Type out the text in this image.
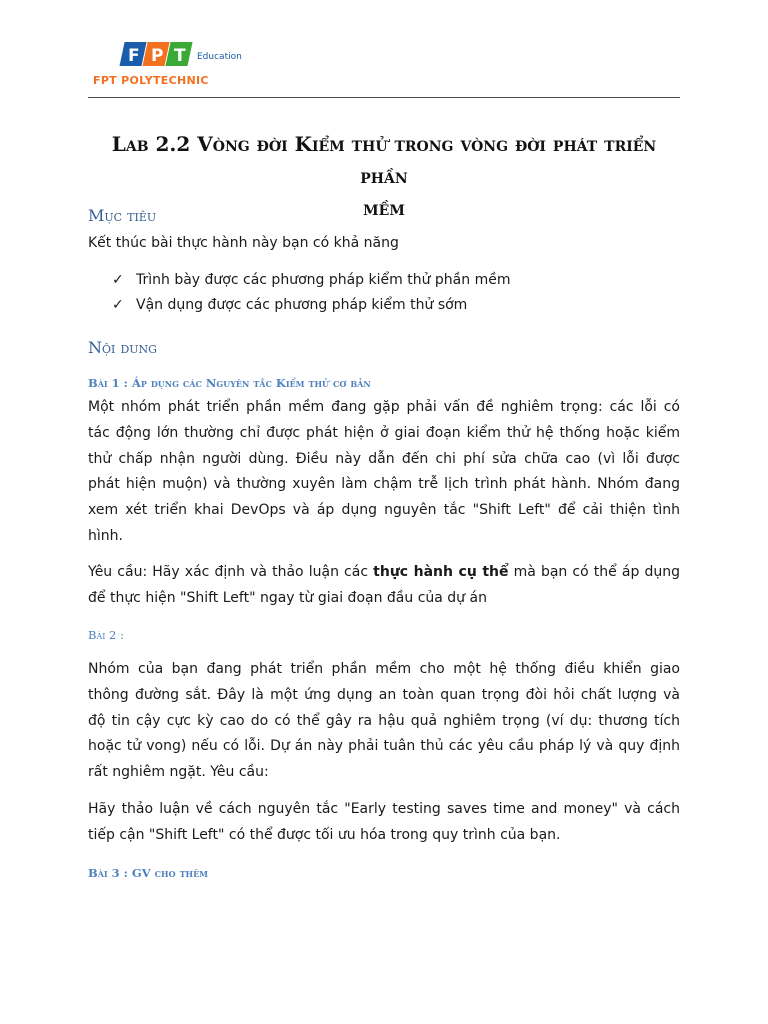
F P T Education
FPT POLYTECHNIC
Lab 2.2 Vòng đời Kiểm thử trong vòng đời phát triển phần
mềm
Mục tiêu
Kết thúc bài thực hành này bạn có khả năng
✓ Trình bày được các phương pháp kiểm thử phần mềm
✓ Vận dụng được các phương pháp kiểm thử sớm
Nội dung
Bài 1 : Áp dụng các Nguyên tắc Kiểm thử cơ bản
Một nhóm phát triển phần mềm đang gặp phải vấn đề nghiêm trọng: các lỗi có
tác động lớn thường chỉ được phát hiện ở giai đoạn kiểm thử hệ thống hoặc kiểm
thử chấp nhận người dùng. Điều này dẫn đến chi phí sửa chữa cao (vì lỗi được
phát hiện muộn) và thường xuyên làm chậm trễ lịch trình phát hành. Nhóm đang
xem xét triển khai DevOps và áp dụng nguyên tắc "Shift Left" để cải thiện tình
hình.
Yêu cầu: Hãy xác định và thảo luận các thực hành cụ thể mà bạn có thể áp dụng
để thực hiện "Shift Left" ngay từ giai đoạn đầu của dự án
Bài 2 :
Nhóm của bạn đang phát triển phần mềm cho một hệ thống điều khiển giao
thông đường sắt. Đây là một ứng dụng an toàn quan trọng đòi hỏi chất lượng và
độ tin cậy cực kỳ cao do có thể gây ra hậu quả nghiêm trọng (ví dụ: thương tích
hoặc tử vong) nếu có lỗi. Dự án này phải tuân thủ các yêu cầu pháp lý và quy định
rất nghiêm ngặt. Yêu cầu:
Hãy thảo luận về cách nguyên tắc "Early testing saves time and money" và cách
tiếp cận "Shift Left" có thể được tối ưu hóa trong quy trình của bạn.
Bài 3 : GV cho thêm
